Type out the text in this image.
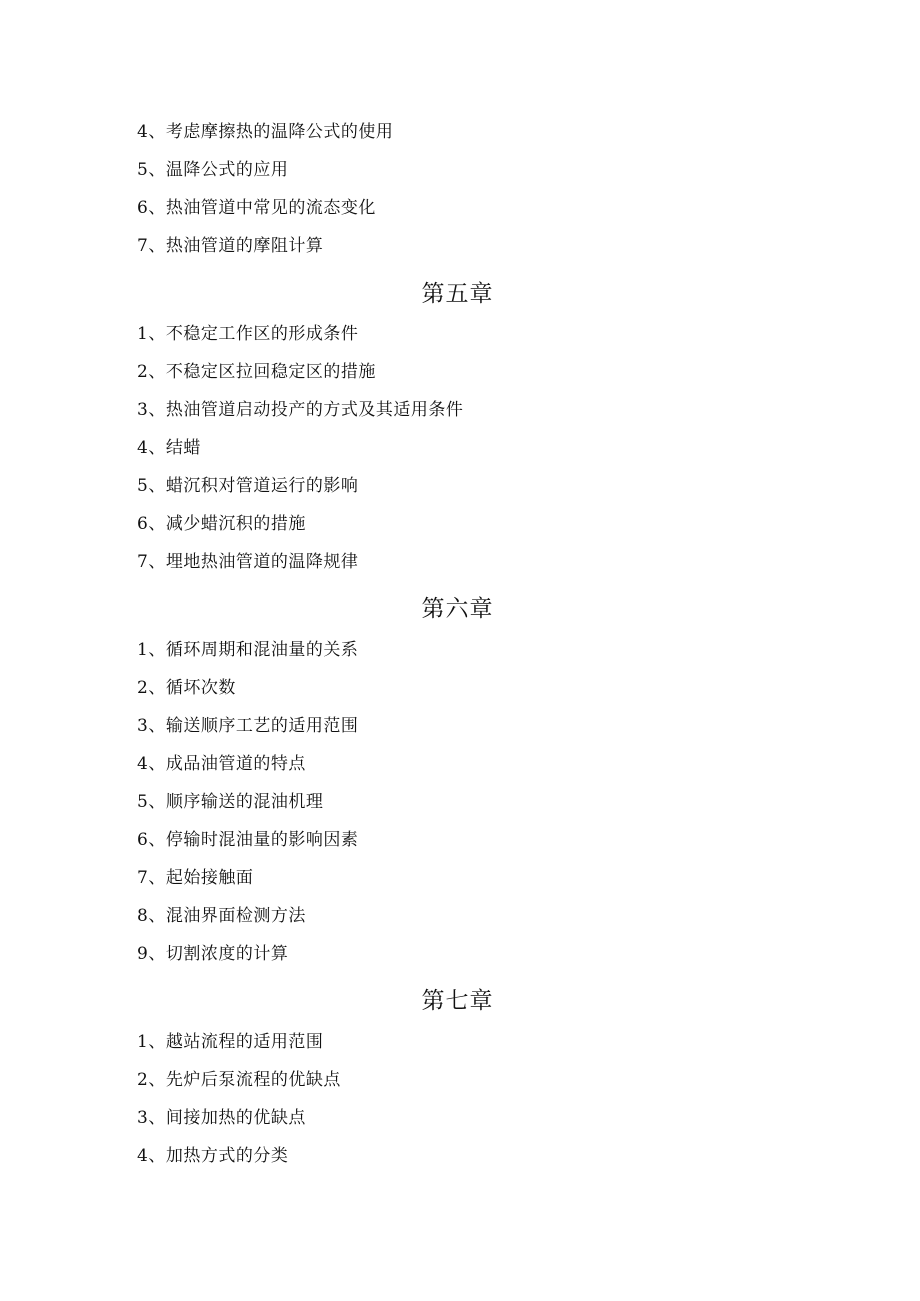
4、考虑摩擦热的温降公式的使用
5、温降公式的应用
6、热油管道中常见的流态变化
7、热油管道的摩阻计算
第五章
1、不稳定工作区的形成条件
2、不稳定区拉回稳定区的措施
3、热油管道启动投产的方式及其适用条件
4、结蜡
5、蜡沉积对管道运行的影响
6、减少蜡沉积的措施
7、埋地热油管道的温降规律
第六章
1、循环周期和混油量的关系
2、循坏次数
3、输送顺序工艺的适用范围
4、成品油管道的特点
5、顺序输送的混油机理
6、停输时混油量的影响因素
7、起始接触面
8、混油界面检测方法
9、切割浓度的计算
第七章
1、越站流程的适用范围
2、先炉后泵流程的优缺点
3、间接加热的优缺点
4、加热方式的分类
